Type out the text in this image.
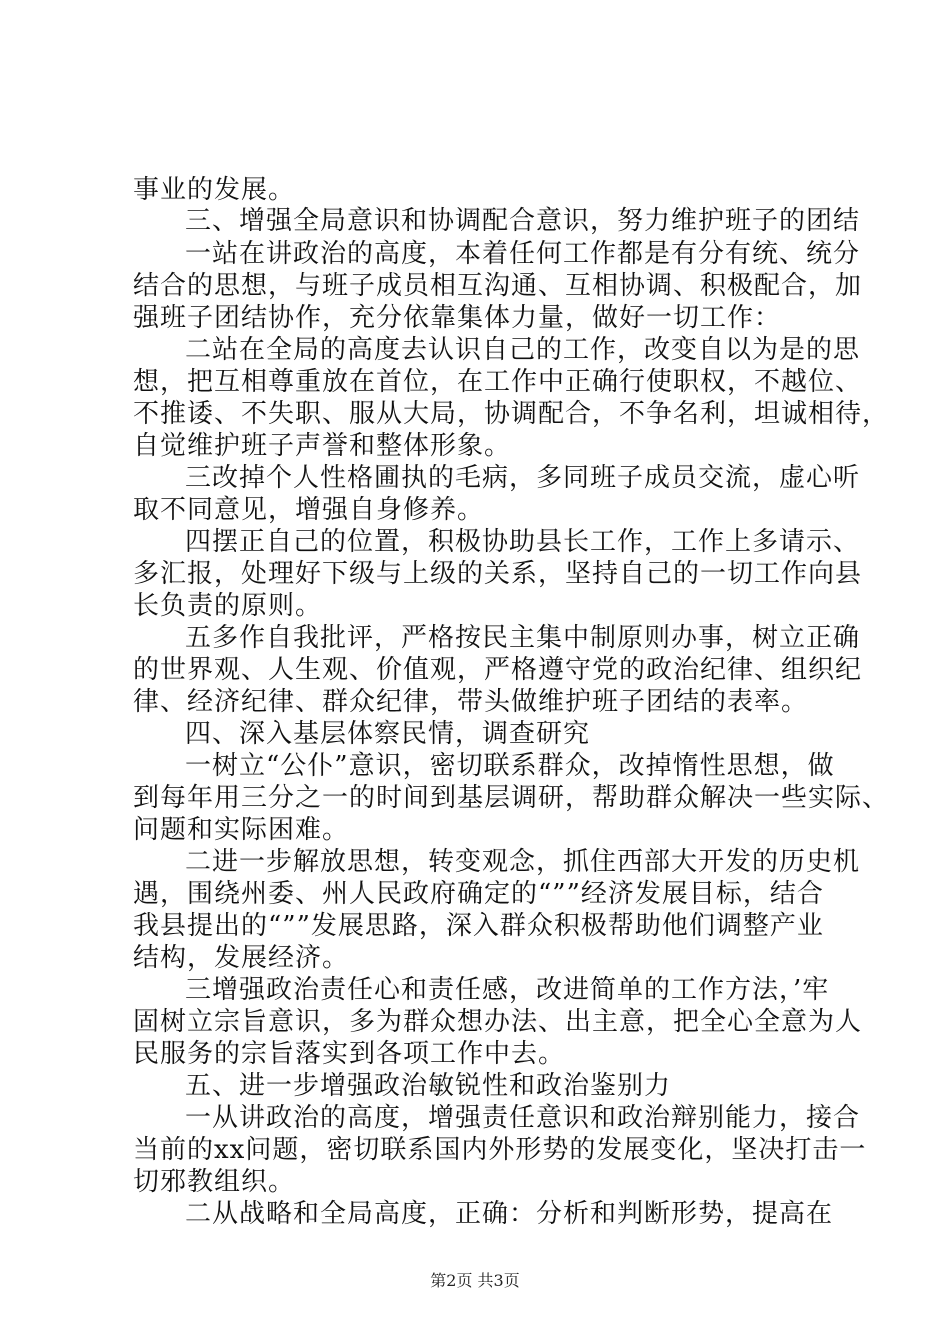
事业的发展。
三、增强全局意识和协调配合意识，努力维护班子的团结
一站在讲政治的高度，本着任何工作都是有分有统、统分
结合的思想，与班子成员相互沟通、互相协调、积极配合，加
强班子团结协作，充分依靠集体力量，做好一切工作：
二站在全局的高度去认识自己的工作，改变自以为是的思
想，把互相尊重放在首位，在工作中正确行使职权，不越位、
不推诿、不失职、服从大局，协调配合，不争名利，坦诚相待，
自觉维护班子声誉和整体形象。
三改掉个人性格圃执的毛病，多同班子成员交流，虚心听
取不同意见，增强自身修养。
四摆正自己的位置，积极协助县长工作，工作上多请示、
多汇报，处理好下级与上级的关系，坚持自己的一切工作向县
长负责的原则。
五多作自我批评，严格按民主集中制原则办事，树立正确
的世界观、人生观、价值观，严格遵守党的政治纪律、组织纪
律、经济纪律、群众纪律，带头做维护班子团结的表率。
四、深入基层体察民情，调查研究
一树立“公仆”意识，密切联系群众，改掉惰性思想，做
到每年用三分之一的时间到基层调研，帮助群众解决一些实际、
问题和实际困难。
二进一步解放思想，转变观念，抓住西部大开发的历史机
遇，围绕州委、州人民政府确定的“””经济发展目标，结合
我县提出的“””发展思路，深入群众积极帮助他们调整产业
结构，发展经济。
三增强政治责任心和责任感，改进简单的工作方法，’牢
固树立宗旨意识，多为群众想办法、出主意，把全心全意为人
民服务的宗旨落实到各项工作中去。
五、进一步增强政治敏锐性和政治鉴别力
一从讲政治的高度，增强责任意识和政治辩别能力，接合
当前的xx问题，密切联系国内外形势的发展变化，坚决打击一
切邪教组织。
二从战略和全局高度，正确：分析和判断形势，提高在
第2页 共3页
